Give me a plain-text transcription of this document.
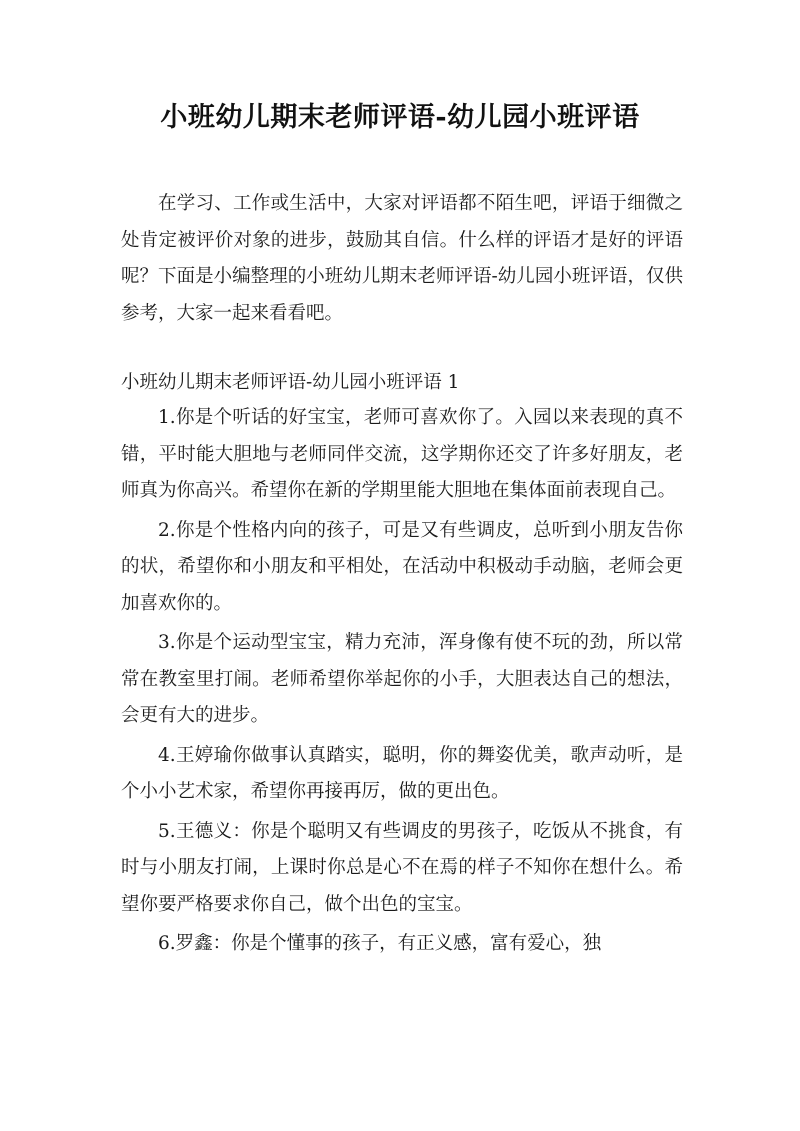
小班幼儿期末老师评语-幼儿园小班评语

在学习、工作或生活中，大家对评语都不陌生吧，评语于细微之处肯定被评价对象的进步，鼓励其自信。什么样的评语才是好的评语呢？下面是小编整理的小班幼儿期末老师评语-幼儿园小班评语，仅供参考，大家一起来看看吧。

小班幼儿期末老师评语-幼儿园小班评语 1

1.你是个听话的好宝宝，老师可喜欢你了。入园以来表现的真不错，平时能大胆地与老师同伴交流，这学期你还交了许多好朋友，老师真为你高兴。希望你在新的学期里能大胆地在集体面前表现自己。

2.你是个性格内向的孩子，可是又有些调皮，总听到小朋友告你的状，希望你和小朋友和平相处，在活动中积极动手动脑，老师会更加喜欢你的。

3.你是个运动型宝宝，精力充沛，浑身像有使不玩的劲，所以常常在教室里打闹。老师希望你举起你的小手，大胆表达自己的想法，会更有大的进步。

4.王婷瑜你做事认真踏实，聪明，你的舞姿优美，歌声动听，是个小小艺术家，希望你再接再厉，做的更出色。

5.王德义：你是个聪明又有些调皮的男孩子，吃饭从不挑食，有时与小朋友打闹，上课时你总是心不在焉的样子不知你在想什么。希望你要严格要求你自己，做个出色的宝宝。

6.罗鑫：你是个懂事的孩子，有正义感，富有爱心，独
